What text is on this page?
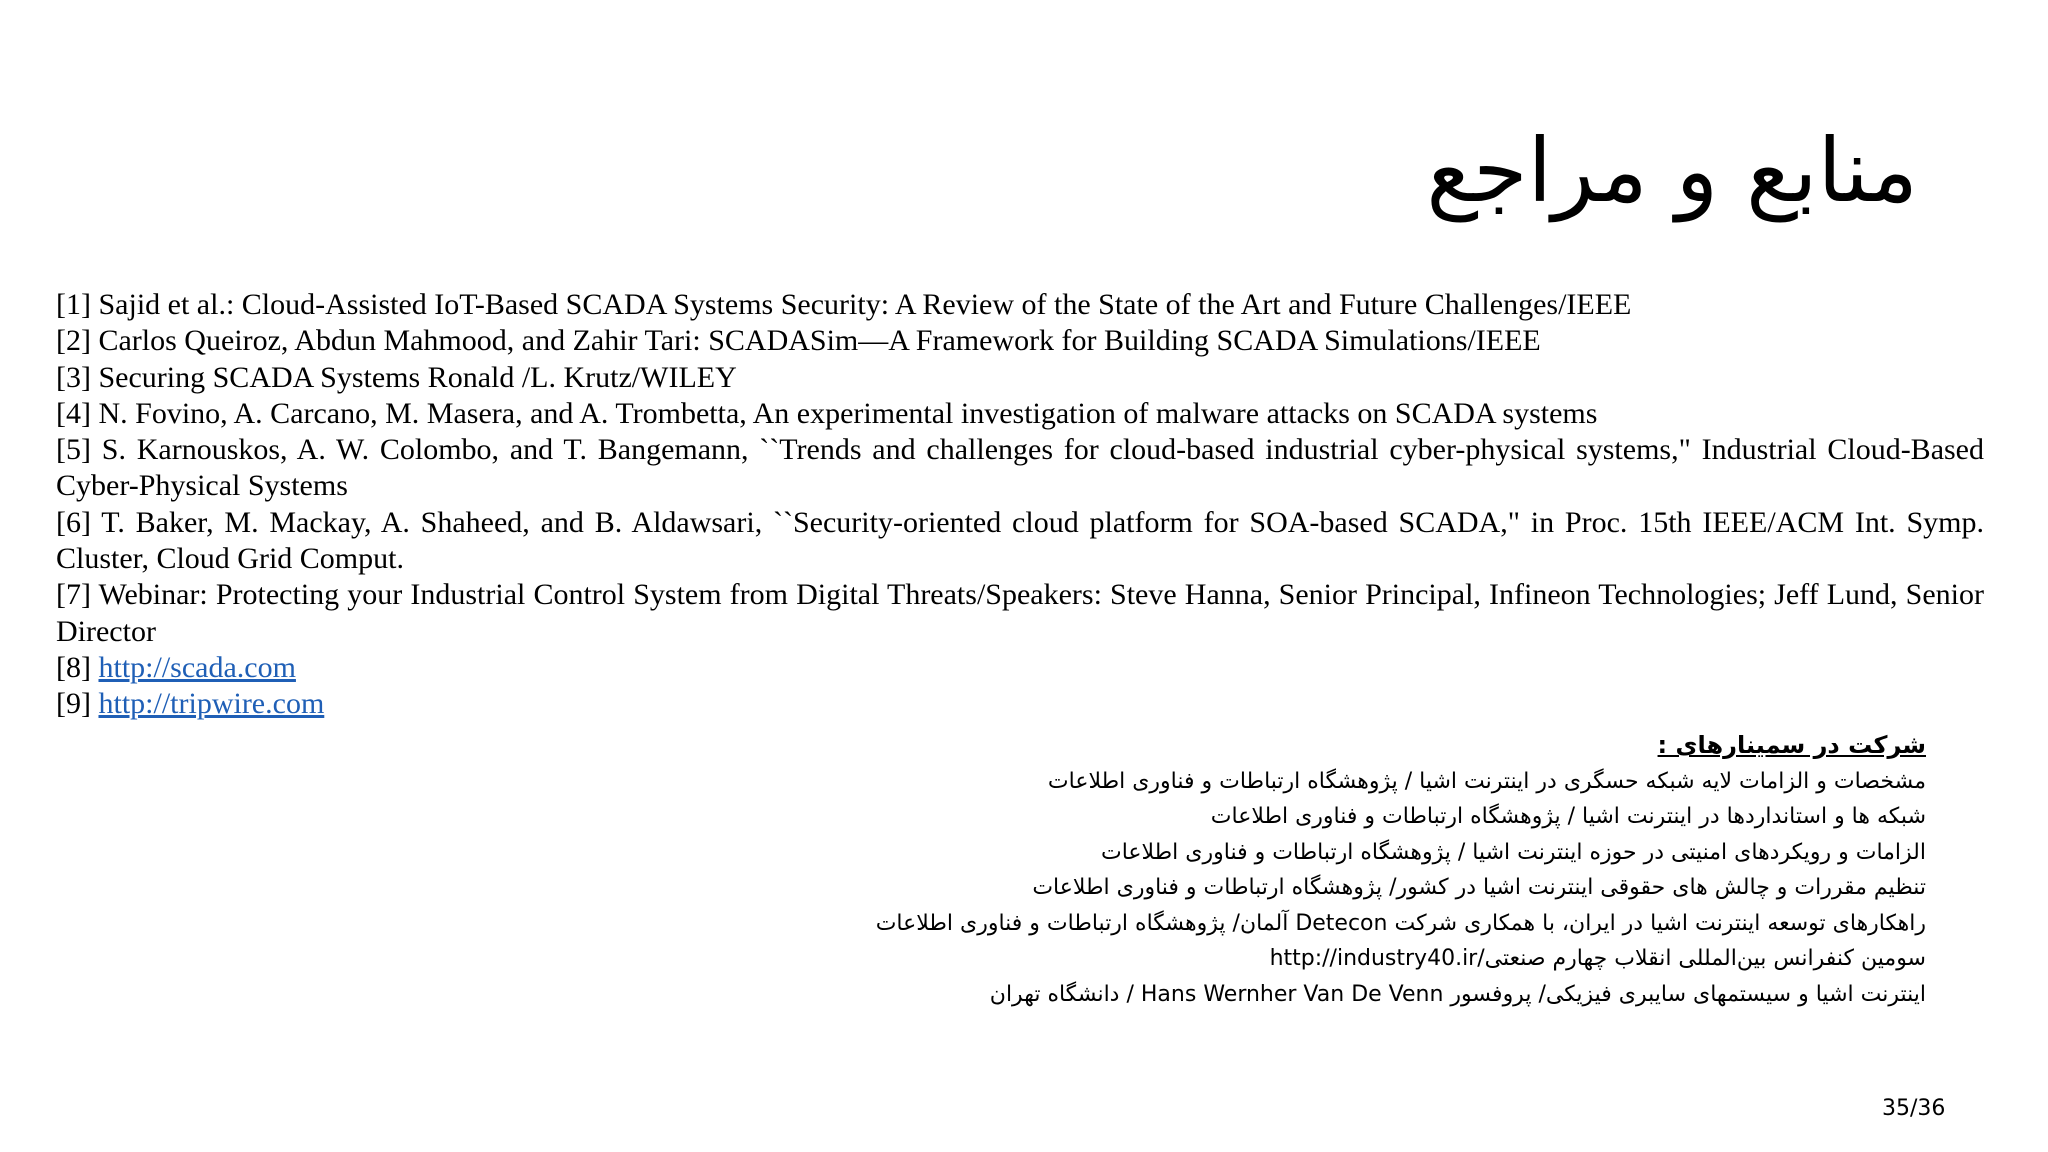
منابع و مراجع
[1] Sajid et al.: Cloud-Assisted IoT-Based SCADA Systems Security: A Review of the State of the Art and Future Challenges/IEEE
[2] Carlos Queiroz, Abdun Mahmood, and Zahir Tari: SCADASim—A Framework for Building SCADA Simulations/IEEE
[3] Securing SCADA Systems Ronald /L. Krutz/WILEY
[4] N. Fovino, A. Carcano, M. Masera, and A. Trombetta, An experimental investigation of malware attacks on SCADA systems
[5] S. Karnouskos, A. W. Colombo, and T. Bangemann, ``Trends and challenges for cloud-based industrial cyber-physical systems," Industrial Cloud-Based Cyber-Physical Systems
[6] T. Baker, M. Mackay, A. Shaheed, and B. Aldawsari, ``Security-oriented cloud platform for SOA-based SCADA," in Proc. 15th IEEE/ACM Int. Symp. Cluster, Cloud Grid Comput.
[7] Webinar: Protecting your Industrial Control System from Digital Threats/Speakers: Steve Hanna, Senior Principal, Infineon Technologies; Jeff Lund, Senior Director
[8] http://scada.com
[9] http://tripwire.com
شرکت در سمینارهای :
مشخصات و الزامات لایه شبکه حسگری در اینترنت اشیا / پژوهشگاه ارتباطات و فناوری اطلاعات
شبکه ها و استانداردها در اینترنت اشیا / پژوهشگاه ارتباطات و فناوری اطلاعات
الزامات و رویکردهای امنیتی در حوزه اینترنت اشیا / پژوهشگاه ارتباطات و فناوری اطلاعات
تنظیم مقررات و چالش های حقوقی اینترنت اشیا در کشور/ پژوهشگاه ارتباطات و فناوری اطلاعات
راهکارهای توسعه اینترنت اشیا در ایران، با همکاری شرکت Detecon آلمان/ پژوهشگاه ارتباطات و فناوری اطلاعات
سومین کنفرانس بین‌المللی انقلاب چهارم صنعتی/http://industry40.ir
اینترنت اشیا و سیستمهای سایبری فیزیکی/ پروفسور Hans Wernher Van De Venn / دانشگاه تهران
35/36
